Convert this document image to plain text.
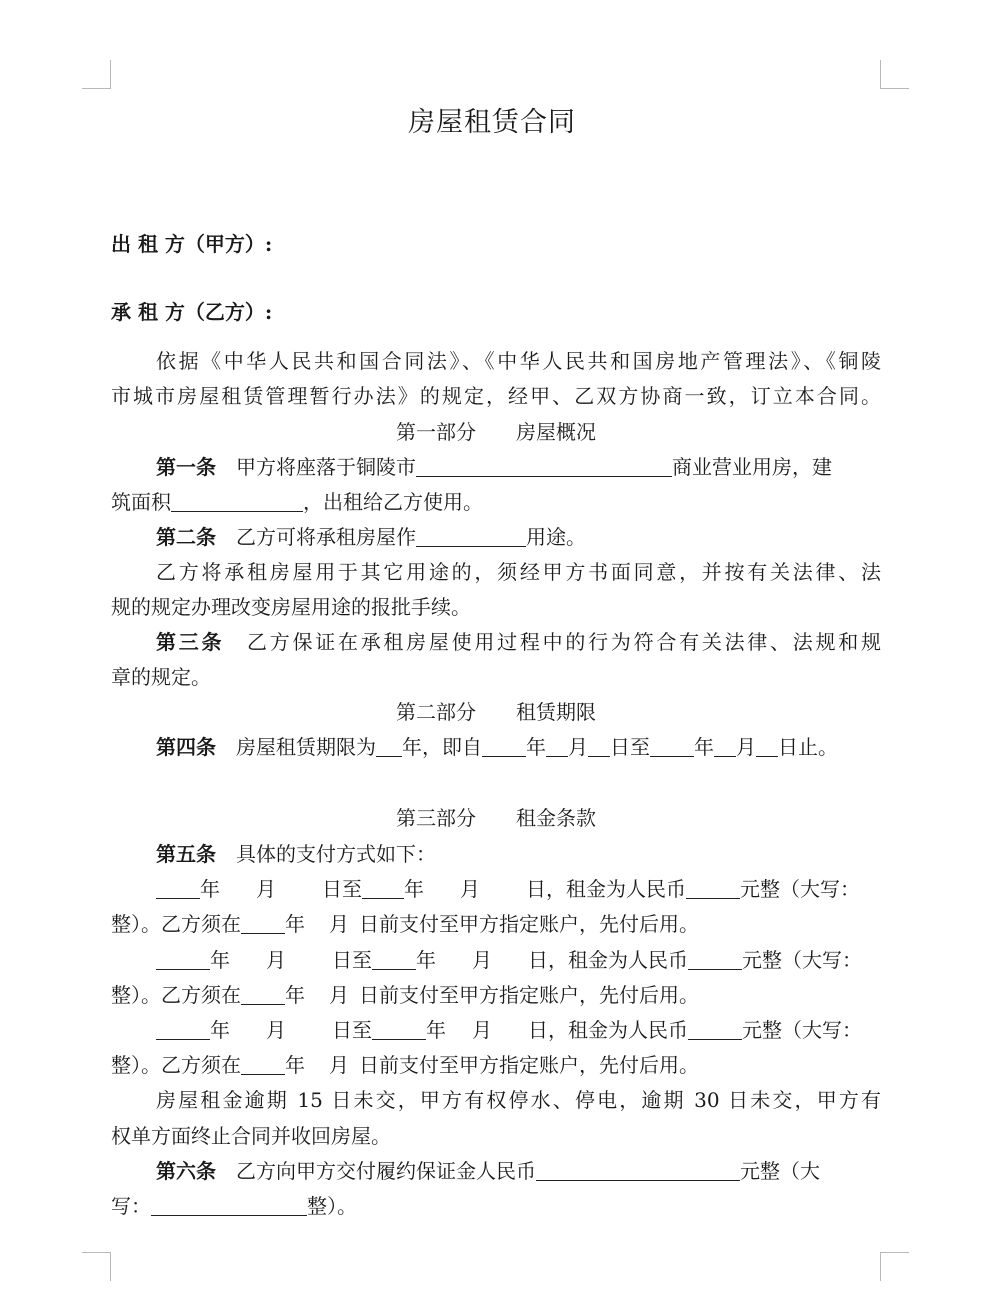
房屋租赁合同
出 租 方（甲方）:
承 租 方（乙方）:
依据《中华人民共和国合同法》、《中华人民共和国房地产管理法》、《铜陵
市城市房屋租赁管理暂行办法》的规定，经甲、乙双方协商一致，订立本合同。
第一部分　　房屋概况
第一条　 甲方将座落于铜陵市	商业营业用房，建
筑面积	，出租给乙方使用。
第二条　 乙方可将承租房屋作	用途。
乙方将承租房屋用于其它用途的，须经甲方书面同意，并按有关法律、法
规的规定办理改变房屋用途的报批手续。
第三条　 乙方保证在承租房屋使用过程中的行为符合有关法律、法规和规
章的规定。
第二部分　　租赁期限
第四条　 房屋租赁期限为 年，即自 年 月 日至 年 月 日止。
第三部分　　租金条款
第五条　 具体的支付方式如下：
年 月 日至 年 月 日，租金为人民币	元整（大写：
整）。乙方须在 年 月 日前支付至甲方指定账户，先付后用。
年 月 日至 年 月 日，租金为人民币	元整（大写：
整）。乙方须在 年 月 日前支付至甲方指定账户，先付后用。
年 月 日至	年 月 日，租金为人民币	元整（大写：
整）。乙方须在 年 月 日前支付至甲方指定账户，先付后用。
房屋租金逾期 15 日未交，甲方有权停水、停电，逾期 30 日未交，甲方有
权单方面终止合同并收回房屋。
第六条　 乙方向甲方交付履约保证金人民币	元整（大
写：	整）。
